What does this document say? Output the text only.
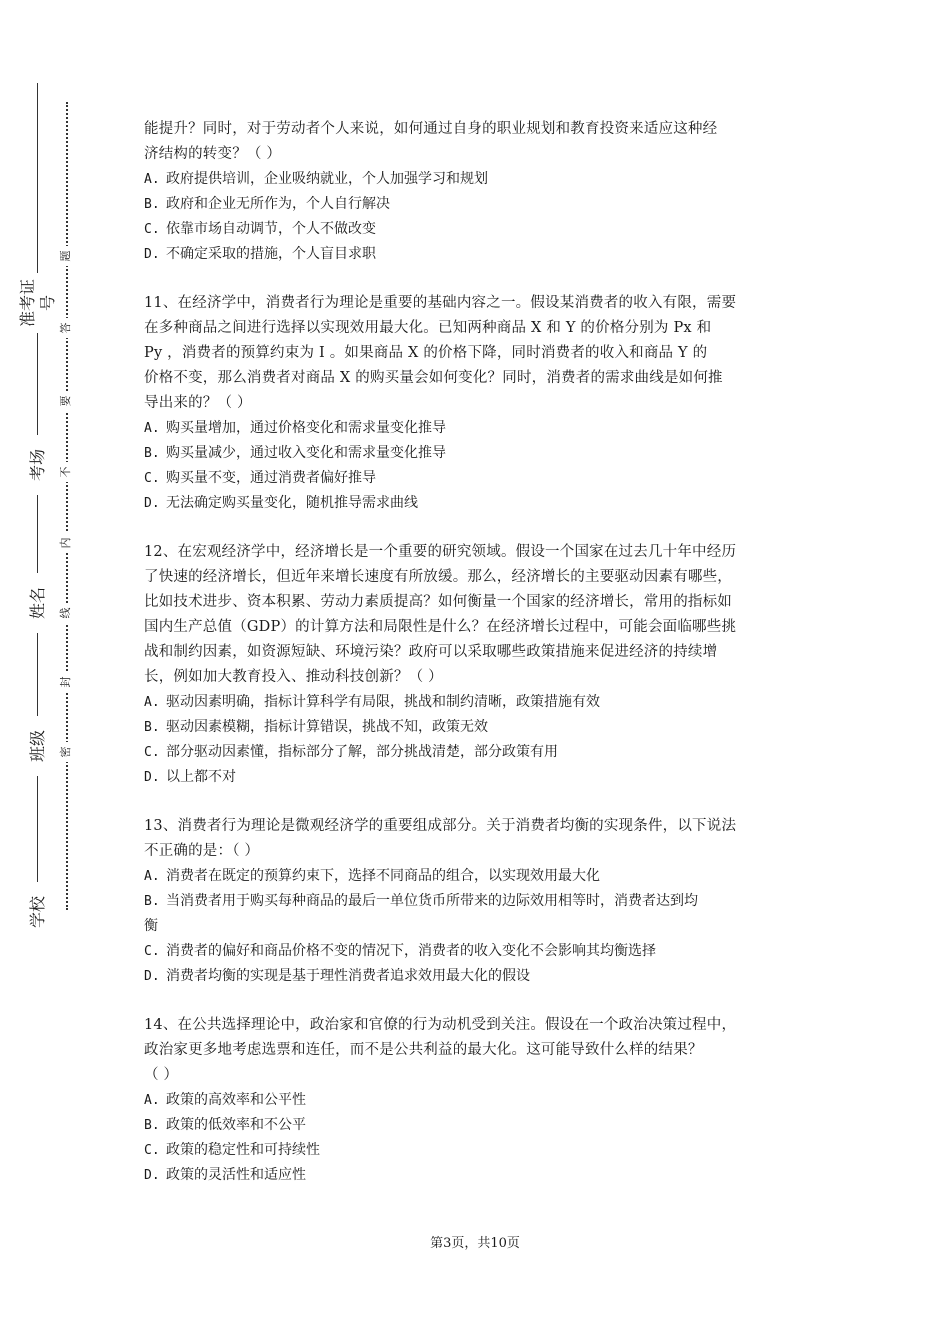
准考证号
考场
姓名
班级
学校
题
答
要
不
内
线
封
密
能提升？同时，对于劳动者个人来说，如何通过自身的职业规划和教育投资来适应这种经
济结构的转变？（ ）
A. 政府提供培训，企业吸纳就业，个人加强学习和规划
B. 政府和企业无所作为，个人自行解决
C. 依靠市场自动调节，个人不做改变
D. 不确定采取的措施，个人盲目求职
11、在经济学中，消费者行为理论是重要的基础内容之一。假设某消费者的收入有限，需要
在多种商品之间进行选择以实现效用最大化。已知两种商品 X 和 Y 的价格分别为 Px 和
Py ，消费者的预算约束为 I 。如果商品 X 的价格下降，同时消费者的收入和商品 Y 的
价格不变，那么消费者对商品 X 的购买量会如何变化？同时，消费者的需求曲线是如何推
导出来的？（ ）
A. 购买量增加，通过价格变化和需求量变化推导
B. 购买量减少，通过收入变化和需求量变化推导
C. 购买量不变，通过消费者偏好推导
D. 无法确定购买量变化，随机推导需求曲线
12、在宏观经济学中，经济增长是一个重要的研究领域。假设一个国家在过去几十年中经历
了快速的经济增长，但近年来增长速度有所放缓。那么，经济增长的主要驱动因素有哪些，
比如技术进步、资本积累、劳动力素质提高？如何衡量一个国家的经济增长，常用的指标如
国内生产总值（GDP）的计算方法和局限性是什么？在经济增长过程中，可能会面临哪些挑
战和制约因素，如资源短缺、环境污染？政府可以采取哪些政策措施来促进经济的持续增
长，例如加大教育投入、推动科技创新？（ ）
A. 驱动因素明确，指标计算科学有局限，挑战和制约清晰，政策措施有效
B. 驱动因素模糊，指标计算错误，挑战不知，政策无效
C. 部分驱动因素懂，指标部分了解，部分挑战清楚，部分政策有用
D. 以上都不对
13、消费者行为理论是微观经济学的重要组成部分。关于消费者均衡的实现条件，以下说法
不正确的是：（ ）
A. 消费者在既定的预算约束下，选择不同商品的组合，以实现效用最大化
B. 当消费者用于购买每种商品的最后一单位货币所带来的边际效用相等时，消费者达到均
衡
C. 消费者的偏好和商品价格不变的情况下，消费者的收入变化不会影响其均衡选择
D. 消费者均衡的实现是基于理性消费者追求效用最大化的假设
14、在公共选择理论中，政治家和官僚的行为动机受到关注。假设在一个政治决策过程中，
政治家更多地考虑选票和连任，而不是公共利益的最大化。这可能导致什么样的结果？
（ ）
A. 政策的高效率和公平性
B. 政策的低效率和不公平
C. 政策的稳定性和可持续性
D. 政策的灵活性和适应性
第3页，共10页
